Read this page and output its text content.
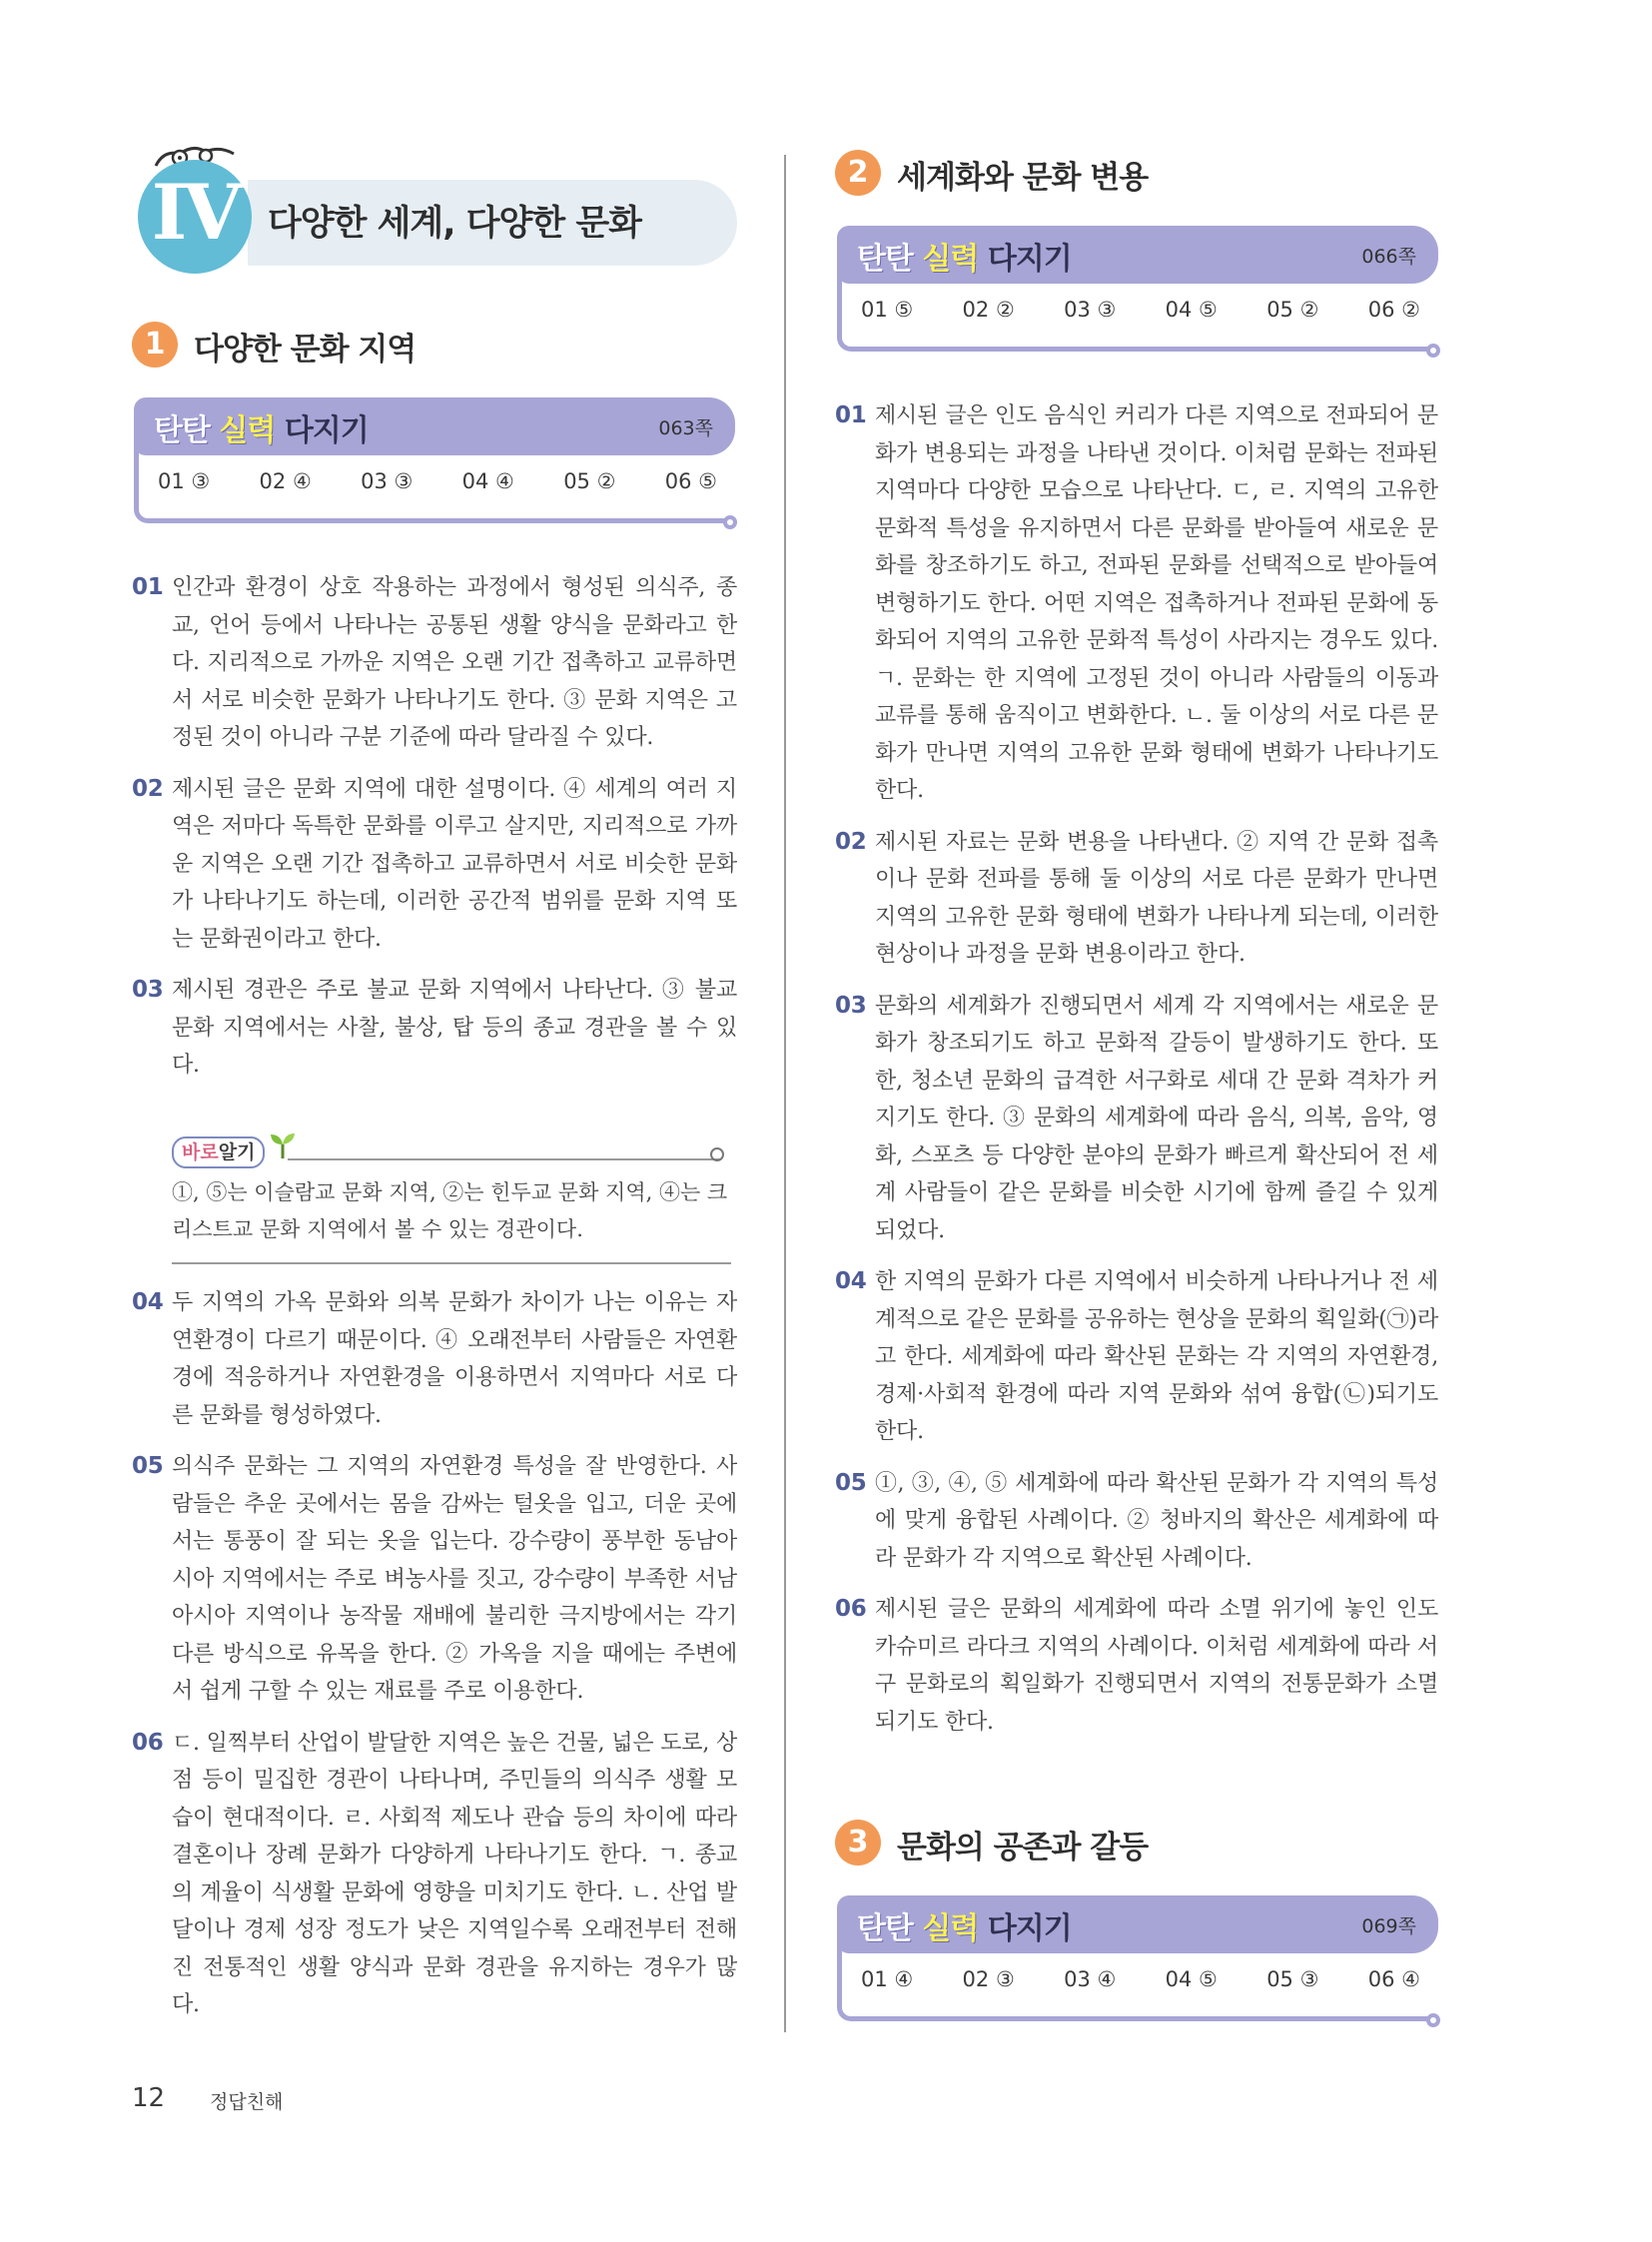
IV 다양한 세계, 다양한 문화
1 다양한 문화 지역
탄탄 실력 다지기	063쪽
01 ③ 02 ④ 03 ③ 04 ④ 05 ② 06 ⑤
01 인간과 환경이 상호 작용하는 과정에서 형성된 의식주, 종교, 언어 등에서 나타나는 공통된 생활 양식을 문화라고 한다. 지리적으로 가까운 지역은 오랜 기간 접촉하고 교류하면서 서로 비슷한 문화가 나타나기도 한다. ③ 문화 지역은 고정된 것이 아니라 구분 기준에 따라 달라질 수 있다.
02 제시된 글은 문화 지역에 대한 설명이다. ④ 세계의 여러 지역은 저마다 독특한 문화를 이루고 살지만, 지리적으로 가까운 지역은 오랜 기간 접촉하고 교류하면서 서로 비슷한 문화가 나타나기도 하는데, 이러한 공간적 범위를 문화 지역 또는 문화권이라고 한다.
03 제시된 경관은 주로 불교 문화 지역에서 나타난다. ③ 불교 문화 지역에서는 사찰, 불상, 탑 등의 종교 경관을 볼 수 있다.
바로알기
①, ⑤는 이슬람교 문화 지역, ②는 힌두교 문화 지역, ④는 크리스트교 문화 지역에서 볼 수 있는 경관이다.
04 두 지역의 가옥 문화와 의복 문화가 차이가 나는 이유는 자연환경이 다르기 때문이다. ④ 오래전부터 사람들은 자연환경에 적응하거나 자연환경을 이용하면서 지역마다 서로 다른 문화를 형성하였다.
05 의식주 문화는 그 지역의 자연환경 특성을 잘 반영한다. 사람들은 추운 곳에서는 몸을 감싸는 털옷을 입고, 더운 곳에서는 통풍이 잘 되는 옷을 입는다. 강수량이 풍부한 동남아시아 지역에서는 주로 벼농사를 짓고, 강수량이 부족한 서남아시아 지역이나 농작물 재배에 불리한 극지방에서는 각기 다른 방식으로 유목을 한다. ② 가옥을 지을 때에는 주변에서 쉽게 구할 수 있는 재료를 주로 이용한다.
06 ㄷ. 일찍부터 산업이 발달한 지역은 높은 건물, 넓은 도로, 상점 등이 밀집한 경관이 나타나며, 주민들의 의식주 생활 모습이 현대적이다. ㄹ. 사회적 제도나 관습 등의 차이에 따라 결혼이나 장례 문화가 다양하게 나타나기도 한다. ㄱ. 종교의 계율이 식생활 문화에 영향을 미치기도 한다. ㄴ. 산업 발달이나 경제 성장 정도가 낮은 지역일수록 오래전부터 전해진 전통적인 생활 양식과 문화 경관을 유지하는 경우가 많다.
2 세계화와 문화 변용
탄탄 실력 다지기	066쪽
01 ⑤ 02 ② 03 ③ 04 ⑤ 05 ② 06 ②
01 제시된 글은 인도 음식인 커리가 다른 지역으로 전파되어 문화가 변용되는 과정을 나타낸 것이다. 이처럼 문화는 전파된 지역마다 다양한 모습으로 나타난다. ㄷ, ㄹ. 지역의 고유한 문화적 특성을 유지하면서 다른 문화를 받아들여 새로운 문화를 창조하기도 하고, 전파된 문화를 선택적으로 받아들여 변형하기도 한다. 어떤 지역은 접촉하거나 전파된 문화에 동화되어 지역의 고유한 문화적 특성이 사라지는 경우도 있다. ㄱ. 문화는 한 지역에 고정된 것이 아니라 사람들의 이동과 교류를 통해 움직이고 변화한다. ㄴ. 둘 이상의 서로 다른 문화가 만나면 지역의 고유한 문화 형태에 변화가 나타나기도 한다.
02 제시된 자료는 문화 변용을 나타낸다. ② 지역 간 문화 접촉이나 문화 전파를 통해 둘 이상의 서로 다른 문화가 만나면 지역의 고유한 문화 형태에 변화가 나타나게 되는데, 이러한 현상이나 과정을 문화 변용이라고 한다.
03 문화의 세계화가 진행되면서 세계 각 지역에서는 새로운 문화가 창조되기도 하고 문화적 갈등이 발생하기도 한다. 또한, 청소년 문화의 급격한 서구화로 세대 간 문화 격차가 커지기도 한다. ③ 문화의 세계화에 따라 음식, 의복, 음악, 영화, 스포츠 등 다양한 분야의 문화가 빠르게 확산되어 전 세계 사람들이 같은 문화를 비슷한 시기에 함께 즐길 수 있게 되었다.
04 한 지역의 문화가 다른 지역에서 비슷하게 나타나거나 전 세계적으로 같은 문화를 공유하는 현상을 문화의 획일화(㉠)라고 한다. 세계화에 따라 확산된 문화는 각 지역의 자연환경, 경제·사회적 환경에 따라 지역 문화와 섞여 융합(㉡)되기도 한다.
05 ①, ③, ④, ⑤ 세계화에 따라 확산된 문화가 각 지역의 특성에 맞게 융합된 사례이다. ② 청바지의 확산은 세계화에 따라 문화가 각 지역으로 확산된 사례이다.
06 제시된 글은 문화의 세계화에 따라 소멸 위기에 놓인 인도 카슈미르 라다크 지역의 사례이다. 이처럼 세계화에 따라 서구 문화로의 획일화가 진행되면서 지역의 전통문화가 소멸되기도 한다.
3 문화의 공존과 갈등
탄탄 실력 다지기	069쪽
01 ④ 02 ③ 03 ④ 04 ⑤ 05 ③ 06 ④
12 정답친해
